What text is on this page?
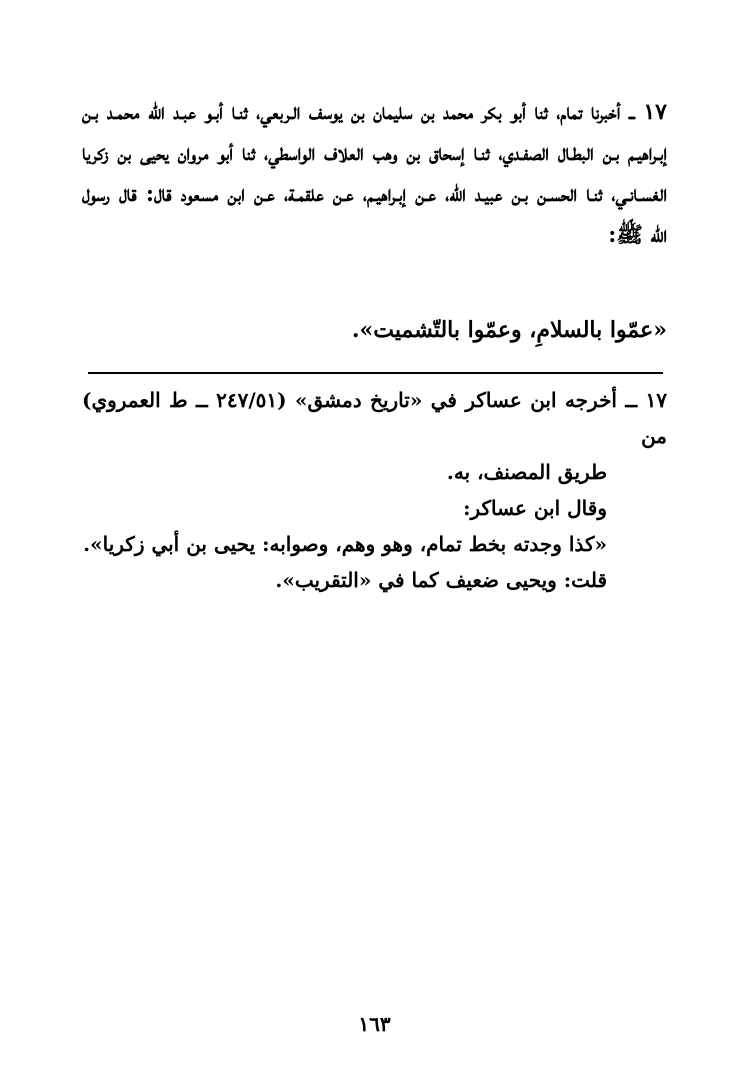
١٧ ــ أخبرنا تمام، ثنا أبو بكر محمد بن سليمان بن يوسف الـربعي، ثنـا أبـو عبـد الله محمـد بـن إبـراهيـم بـن البطـال الصفـدي، ثنـا إسحاق بن وهب العلاف الواسطي، ثنا أبو مروان يحيى بن زكريا الغسـانـي، ثنـا الحسـن بـن عبيـد الله، عـن إبـراهيـم، عـن علقمـة، عـن ابن مسعود قال: قال رسول الله ﷺ:

«عمّوا بالسلامِ، وعمّوا بالتّشميت».

١٧ ــ أخرجه ابن عساكر في «تاريخ دمشق» (٢٤٧/٥١ ــ ط العمروي) من

طريق المصنف، به.

وقال ابن عساكر:

«كذا وجدته بخط تمام، وهو وهم، وصوابه: يحيى بن أبي زكريا».

قلت: ويحيى ضعيف كما في «التقريب».

١٦٣
